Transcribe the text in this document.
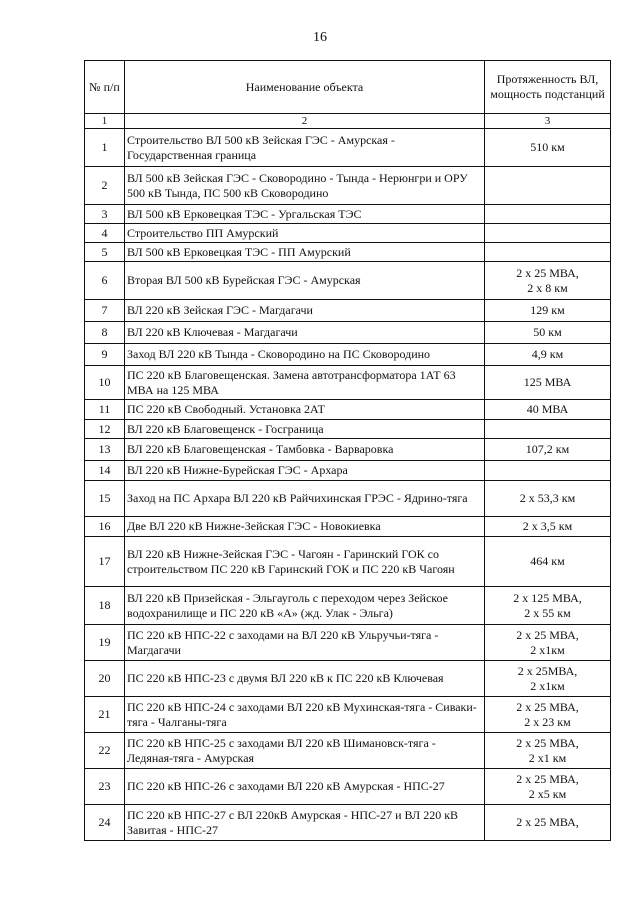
16
№ п/п	Наименование объекта	Протяженность ВЛ, мощность подстанций
1	2	3
1	Строительство ВЛ 500 кВ Зейская ГЭС - Амурская - Государственная граница	510 км

2	ВЛ 500 кВ Зейская ГЭС - Сковородино - Тында - Нерюнгри и ОРУ 500 кВ Тында, ПС 500 кВ Сковородино	

3	ВЛ 500 кВ Ерковецкая ТЭС - Ургальская ТЭС	

4	Строительство ПП Амурский	

5	ВЛ 500 кВ Ерковецкая ТЭС - ПП Амурский	

6	Вторая ВЛ 500 кВ Бурейская ГЭС - Амурская	2 х 25 МВА,
2 х 8 км

7	ВЛ 220 кВ Зейская ГЭС - Магдагачи	129 км

8	ВЛ 220 кВ Ключевая - Магдагачи	50 км

9	Заход ВЛ 220 кВ Тында - Сковородино на ПС Сковородино	4,9 км

10	ПС 220 кВ Благовещенская. Замена автотрансформатора 1АТ 63 МВА на 125 МВА	125 МВА

11	ПС 220 кВ Свободный. Установка 2АТ	40 МВА

12	ВЛ 220 кВ Благовещенск - Госграница	

13	ВЛ 220 кВ Благовещенская - Тамбовка - Варваровка	107,2 км

14	ВЛ 220 кВ Нижне-Бурейская ГЭС - Архара	

15	Заход на ПС Архара ВЛ 220 кВ Райчихинская ГРЭС - Ядрино-тяга	2 х 53,3 км

16	Две ВЛ 220 кВ Нижне-Зейская ГЭС - Новокиевка	2 х 3,5 км

17	ВЛ 220 кВ Нижне-Зейская ГЭС - Чагоян - Гаринский ГОК со строительством ПС 220 кВ Гаринский ГОК и ПС 220 кВ Чагоян	464 км

18	ВЛ 220 кВ Призейская - Эльгауголь с переходом через Зейское водохранилище и ПС 220 кВ «А» (жд. Улак - Эльга)	2 х 125 МВА,
2 х 55 км

19	ПС 220 кВ НПС-22 с заходами на ВЛ 220 кВ Ульручьи-тяга - Магдагачи	2 х 25 МВА,
2 х1км

20	ПС 220 кВ НПС-23 с двумя ВЛ 220 кВ к ПС 220 кВ Ключевая	2 х 25МВА,
2 х1км

21	ПС 220 кВ НПС-24 с заходами ВЛ 220 кВ Мухинская-тяга - Сиваки-тяга - Чалганы-тяга	2 х 25 МВА,
2 х 23 км

22	ПС 220 кВ НПС-25 с заходами ВЛ 220 кВ Шимановск-тяга - Ледяная-тяга - Амурская	2 х 25 МВА,
2 х1 км

23	ПС 220 кВ НПС-26 с заходами ВЛ 220 кВ Амурская - НПС-27	2 х 25 МВА,
2 х5 км

24	ПС 220 кВ НПС-27 с ВЛ 220кВ Амурская - НПС-27 и ВЛ 220 кВ Завитая - НПС-27	2 х 25 МВА,
